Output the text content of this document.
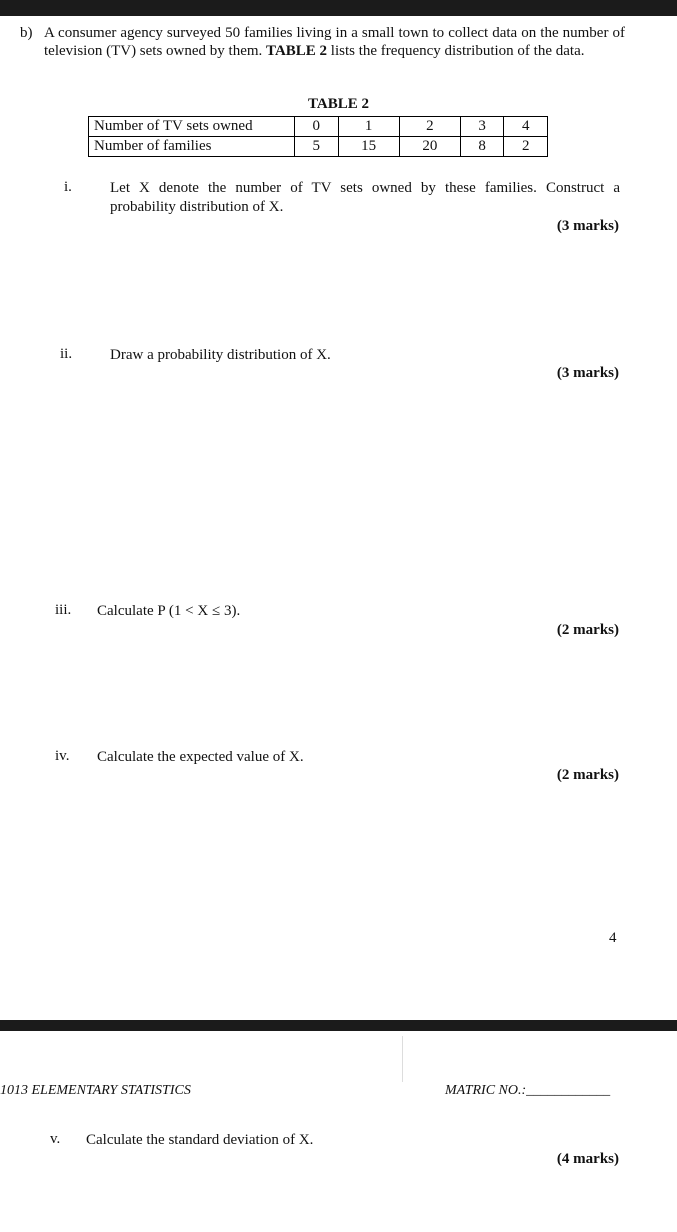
b) A consumer agency surveyed 50 families living in a small town to collect data on the number of television (TV) sets owned by them. TABLE 2 lists the frequency distribution of the data.
TABLE 2
Number of TV sets owned	0	1	2	3	4
Number of families	5	15	20	8	2
i.	Let X denote the number of TV sets owned by these families. Construct a probability distribution of X.
(3 marks)
ii.	Draw a probability distribution of X.
(3 marks)
iii. Calculate P (1 < X ≤ 3).
(2 marks)
iv. Calculate the expected value of X.
(2 marks)
4
1013 ELEMENTARY STATISTICS	MATRIC NO.:____________
v. Calculate the standard deviation of X.
(4 marks)
